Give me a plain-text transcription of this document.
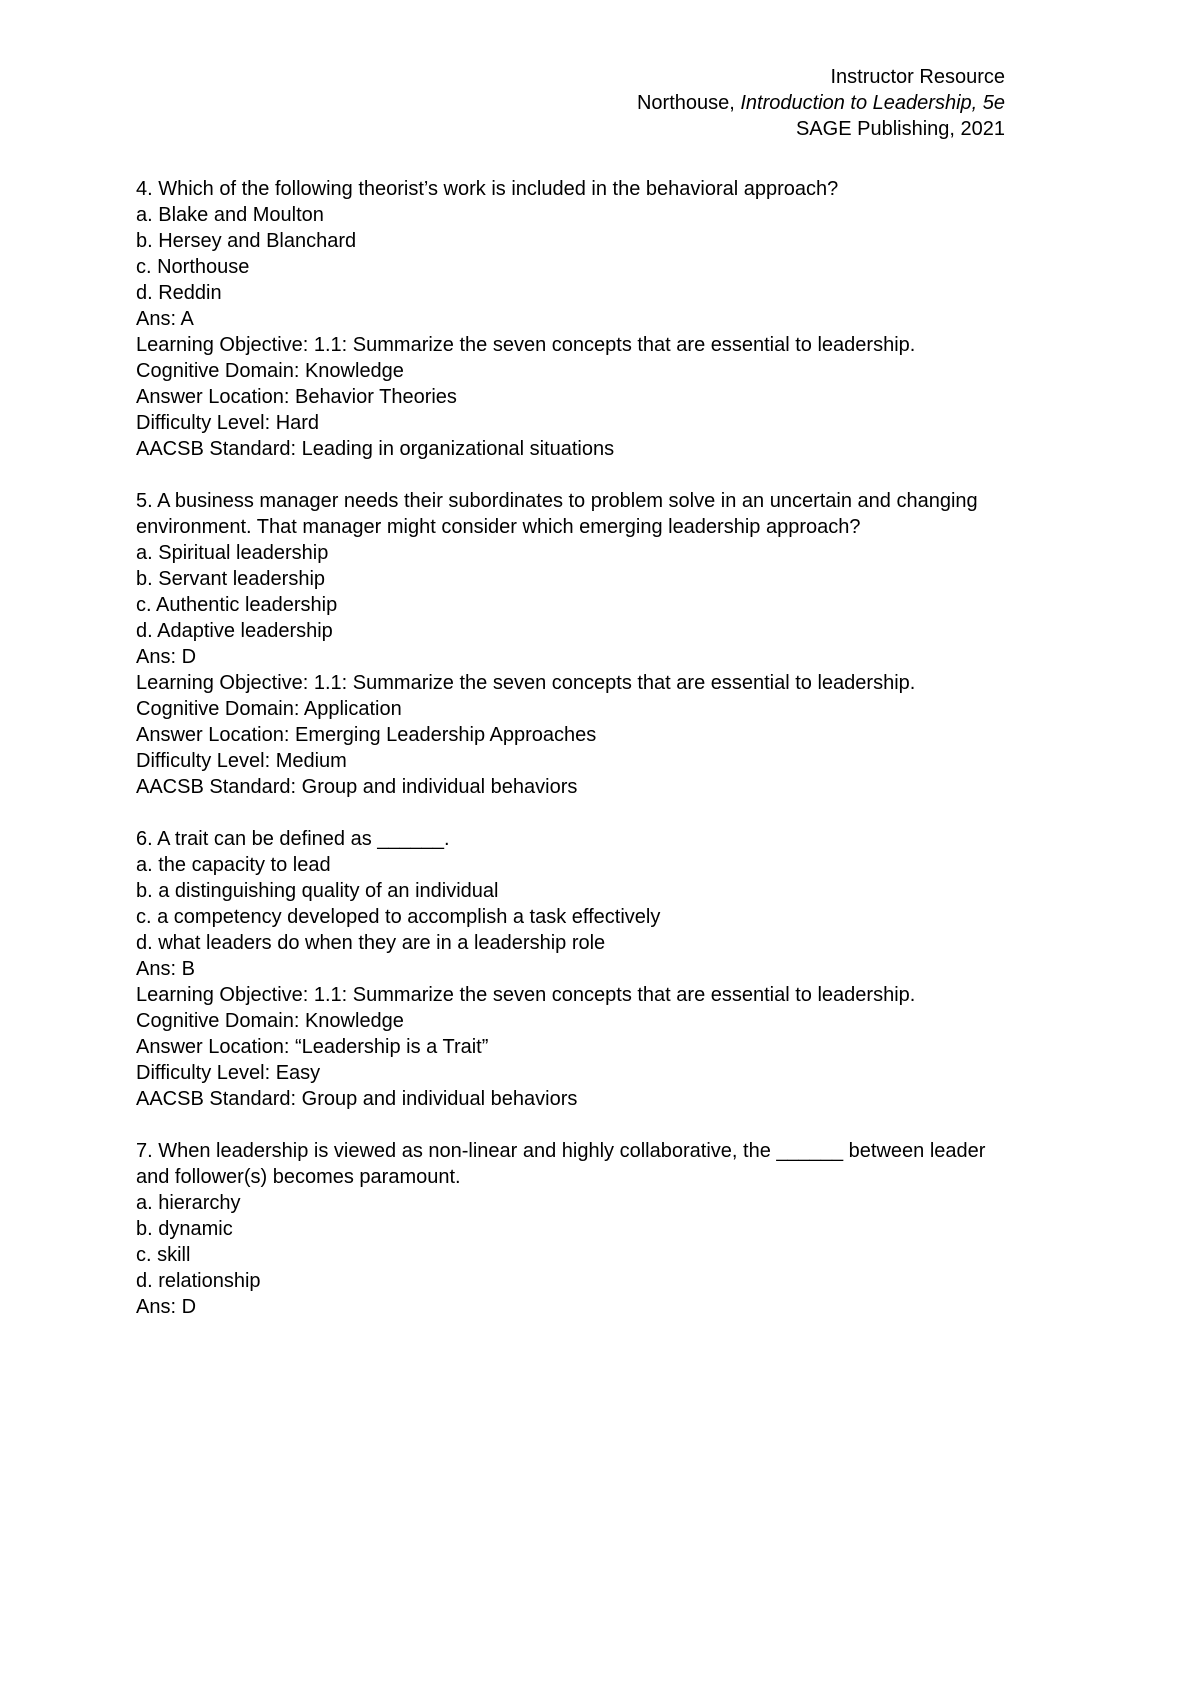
Instructor Resource

Northouse, Introduction to Leadership, 5e

SAGE Publishing, 2021

4. Which of the following theorist’s work is included in the behavioral approach?

a. Blake and Moulton

b. Hersey and Blanchard

c. Northouse

d. Reddin

Ans: A

Learning Objective: 1.1: Summarize the seven concepts that are essential to leadership.

Cognitive Domain: Knowledge

Answer Location: Behavior Theories

Difficulty Level: Hard

AACSB Standard: Leading in organizational situations

5. A business manager needs their subordinates to problem solve in an uncertain and changing environment. That manager might consider which emerging leadership approach?

a. Spiritual leadership

b. Servant leadership

c. Authentic leadership

d. Adaptive leadership

Ans: D

Learning Objective: 1.1: Summarize the seven concepts that are essential to leadership.

Cognitive Domain: Application

Answer Location: Emerging Leadership Approaches

Difficulty Level: Medium

AACSB Standard: Group and individual behaviors

6. A trait can be defined as ______.

a. the capacity to lead

b. a distinguishing quality of an individual

c. a competency developed to accomplish a task effectively

d. what leaders do when they are in a leadership role

Ans: B

Learning Objective: 1.1: Summarize the seven concepts that are essential to leadership.

Cognitive Domain: Knowledge

Answer Location: “Leadership is a Trait”

Difficulty Level: Easy

AACSB Standard: Group and individual behaviors

7. When leadership is viewed as non-linear and highly collaborative, the ______ between leader and follower(s) becomes paramount.

a. hierarchy

b. dynamic

c. skill

d. relationship

Ans: D
